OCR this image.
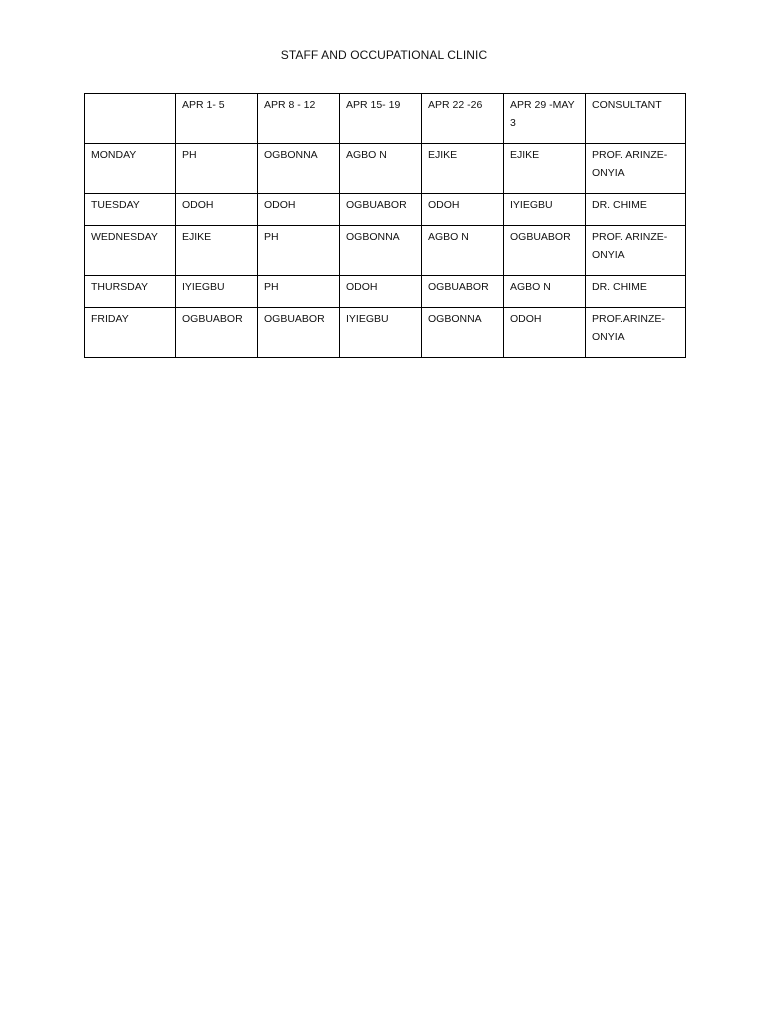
STAFF AND OCCUPATIONAL CLINIC
	APR 1- 5	APR 8 - 12	APR 15- 19	APR 22 -26	APR 29 -MAY 3	CONSULTANT
MONDAY	PH	OGBONNA	AGBO N	EJIKE	EJIKE	PROF. ARINZE-ONYIA
TUESDAY	ODOH	ODOH	OGBUABOR	ODOH	IYIEGBU	DR. CHIME
WEDNESDAY	EJIKE	PH	OGBONNA	AGBO N	OGBUABOR	PROF. ARINZE-ONYIA
THURSDAY	IYIEGBU	PH	ODOH	OGBUABOR	AGBO N	DR. CHIME
FRIDAY	OGBUABOR	OGBUABOR	IYIEGBU	OGBONNA	ODOH	PROF.ARINZE-ONYIA
